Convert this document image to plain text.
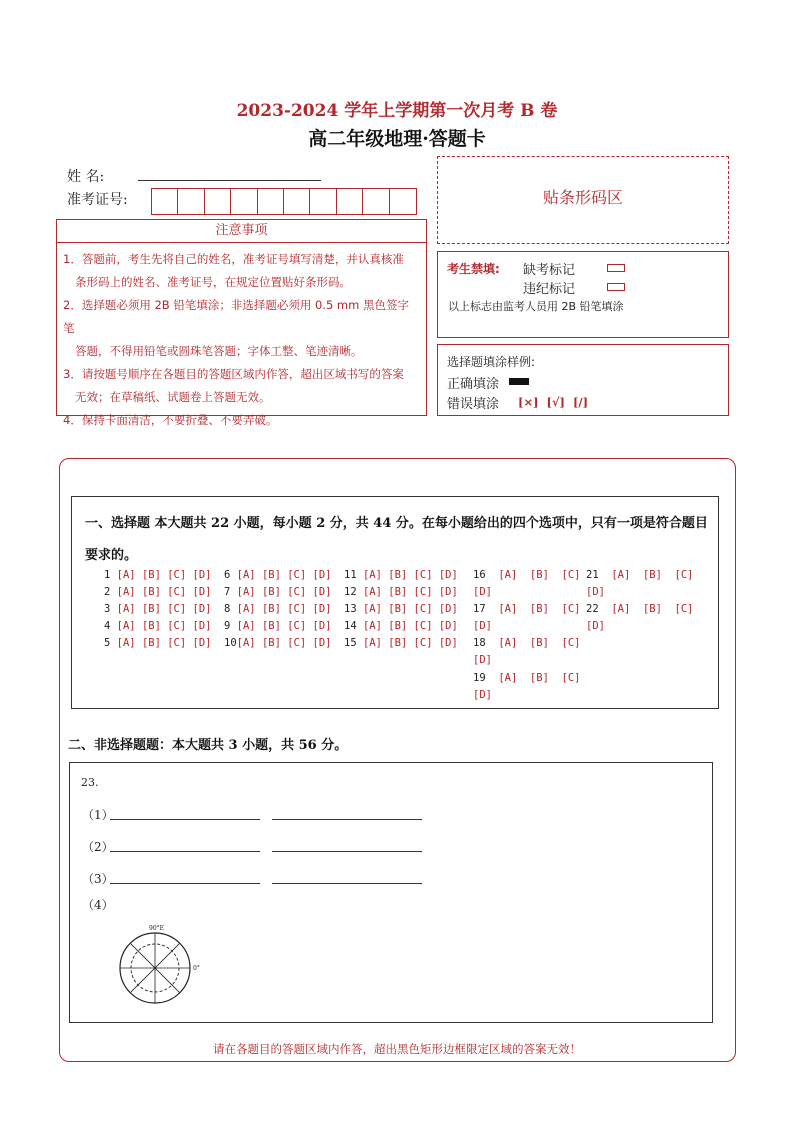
2023-2024 学年上学期第一次月考 B 卷
高二年级地理·答题卡
姓 名:
准考证号:
注意事项

1．答题前，考生先将自己的姓名，准考证号填写清楚，并认真核准

条形码上的姓名、准考证号，在规定位置贴好条形码。

2．选择题必须用 2B 铅笔填涂；非选择题必须用 0.5 mm 黑色签字笔

答题，不得用铅笔或圆珠笔答题；字体工整、笔迹清晰。

3．请按题号顺序在各题目的答题区域内作答，超出区域书写的答案

无效；在草稿纸、试题卷上答题无效。

4．保持卡面清洁，不要折叠、不要弄破。

贴条形码区
考生禁填: 缺考标记
违纪标记
以上标志由监考人员用 2B 铅笔填涂
选择题填涂样例:
正确填涂
错误填涂 [×]  [√]  [/]
一、选择题 本大题共 22 小题，每小题 2 分，共 44 分。在每小题给出的四个选项中，只有一项是符合题目要求的。
1 [A] [B] [C] [D]
2 [A] [B] [C] [D]
3 [A] [B] [C] [D]
4 [A] [B] [C] [D]
5 [A] [B] [C] [D]
6 [A] [B] [C] [D]
7 [A] [B] [C] [D]
8 [A] [B] [C] [D]
9 [A] [B] [C] [D]
10[A] [B] [C] [D]
11 [A] [B] [C] [D]
12 [A] [B] [C] [D]
13 [A] [B] [C] [D]
14 [A] [B] [C] [D]
15 [A] [B] [C] [D]
16 [A]  [B]  [C]
[D]
17 [A]  [B]  [C]
[D]
18 [A]  [B]  [C]
[D]
19 [A]  [B]  [C]
[D]
21 [A]  [B]  [C]
[D]
22 [A]  [B]  [C]
[D]
二、非选择题题：本大题共 3 小题，共 56 分。
23.
（1）
（2）
（3）
（4）
90°E
0°
请在各题目的答题区域内作答，超出黑色矩形边框限定区域的答案无效！
